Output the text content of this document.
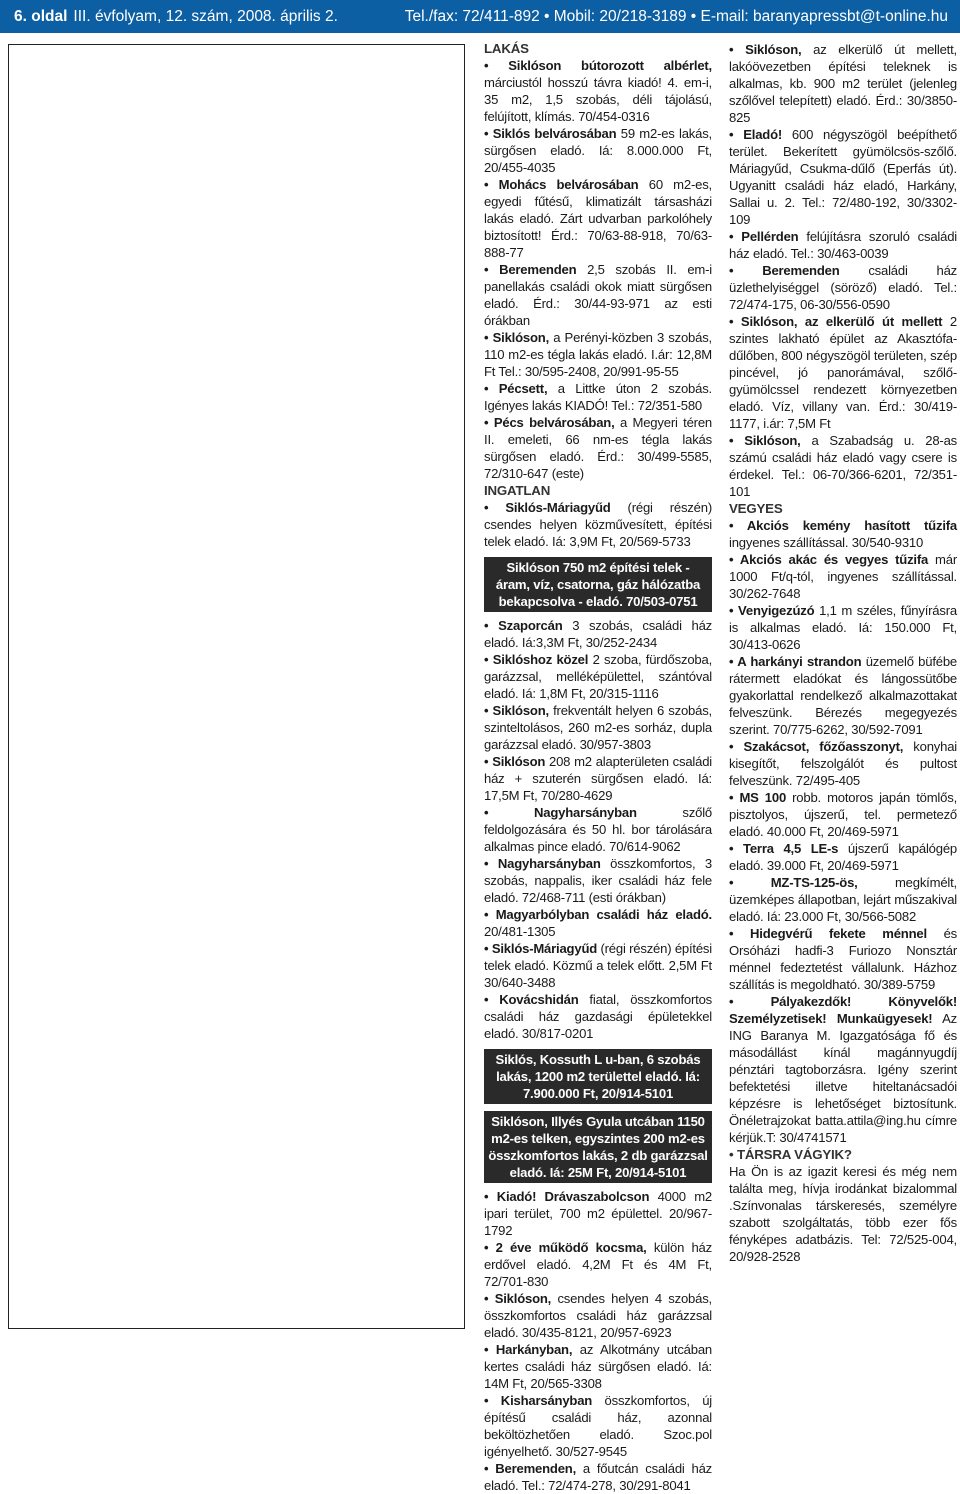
6. oldal III. évfolyam, 12. szám, 2008. április 2.	Tel./fax: 72/411-892 • Mobil: 20/218-3189 • E-mail: baranyapressbt@t-online.hu
LAKÁS
• Siklóson bútorozott albérlet, márciustól hosszú távra kiadó! 4. em-i, 35 m2, 1,5 szobás, déli tájolású, felújított, klímás. 70/454-0316
• Siklós belvárosában 59 m2-es lakás, sürgősen eladó. Iá: 8.000.000 Ft, 20/455-4035
• Mohács belvárosában 60 m2-es, egyedi fűtésű, klimatizált társasházi lakás eladó. Zárt udvarban parkolóhely biztosított! Érd.: 70/63-88-918, 70/63-888-77
• Beremenden 2,5 szobás II. em-i panellakás családi okok miatt sürgősen eladó. Érd.: 30/44-93-971 az esti órákban
• Siklóson, a Perényi-közben 3 szobás, 110 m2-es tégla lakás eladó. I.ár: 12,8M Ft Tel.: 30/595-2408, 20/991-95-55
• Pécsett, a Littke úton 2 szobás. Igényes lakás KIADÓ! Tel.: 72/351-580
• Pécs belvárosában, a Megyeri téren II. emeleti, 66 nm-es tégla lakás sürgősen eladó. Érd.: 30/499-5585, 72/310-647 (este)
INGATLAN
• Siklós-Máriagyűd (régi részén) csendes helyen közművesített, építési telek eladó. Iá: 3,9M Ft, 20/569-5733
Siklóson 750 m2 építési telek - áram, víz, csatorna, gáz hálózatba bekapcsolva - eladó. 70/503-0751
• Szaporcán 3 szobás, családi ház eladó. Iá:3,3M Ft, 30/252-2434
• Siklóshoz közel 2 szoba, fürdőszoba, garázzsal, melléképülettel, szántóval eladó. Iá: 1,8M Ft, 20/315-1116
• Siklóson, frekventált helyen 6 szobás, szinteltolásos, 260 m2-es sorház, dupla garázzsal eladó. 30/957-3803
• Siklóson 208 m2 alapterületen családi ház + szuterén sürgősen eladó. Iá: 17,5M Ft, 70/280-4629
• Nagyharsányban szőlő feldolgozására és 50 hl. bor tárolására alkalmas pince eladó. 70/614-9062
• Nagyharsányban összkomfortos, 3 szobás, nappalis, iker családi ház fele eladó. 72/468-711 (esti órákban)
• Magyarbólyban családi ház eladó. 20/481-1305
• Siklós-Máriagyűd (régi részén) építési telek eladó. Közmű a telek előtt. 2,5M Ft 30/640-3488
• Kovácshidán fiatal, összkomfortos családi ház gazdasági épületekkel eladó. 30/817-0201
Siklós, Kossuth L u-ban, 6 szobás lakás, 1200 m2 területtel eladó. Iá: 7.900.000 Ft, 20/914-5101
Siklóson, Illyés Gyula utcában 1150 m2-es telken, egyszintes 200 m2-es összkomfortos lakás, 2 db garázzsal eladó. Iá: 25M Ft, 20/914-5101
• Kiadó! Drávaszabolcson 4000 m2 ipari terület, 700 m2 épülettel. 20/967-1792
• 2 éve működő kocsma, külön ház erdővel eladó. 4,2M Ft és 4M Ft, 72/701-830
• Siklóson, csendes helyen 4 szobás, összkomfortos családi ház garázzsal eladó. 30/435-8121, 20/957-6923
• Harkányban, az Alkotmány utcában kertes családi ház sürgősen eladó. Iá: 14M Ft, 20/565-3308
• Kisharsányban összkomfortos, új építésű családi ház, azonnal beköltözhetően eladó. Szoc.pol igényelhető. 30/527-9545
• Beremenden, a főutcán családi ház eladó. Tel.: 72/474-278, 30/291-8041
• Siklóson, az elkerülő út mellett, lakóövezetben építési teleknek is alkalmas, kb. 900 m2 terület (jelenleg szőlővel telepített) eladó. Érd.: 30/3850-825
• Eladó! 600 négyszögöl beépíthető terület. Bekerített gyümölcsös-szőlő. Máriagyűd, Csukma-dűlő (Eperfás út). Ugyanitt családi ház eladó, Harkány, Sallai u. 2. Tel.: 72/480-192, 30/3302-109
• Pellérden felújításra szoruló családi ház eladó. Tel.: 30/463-0039
• Beremenden családi ház üzlethelyiséggel (söröző) eladó. Tel.: 72/474-175, 06-30/556-0590
• Siklóson, az elkerülő út mellett 2 szintes lakható épület az Akasztófa-dűlőben, 800 négyszögöl területen, szép pincével, jó panorámával, szőlő-gyümölcssel rendezett környezetben eladó. Víz, villany van. Érd.: 30/419-1177, i.ár: 7,5M Ft
• Siklóson, a Szabadság u. 28-as számú családi ház eladó vagy csere is érdekel. Tel.: 06-70/366-6201, 72/351-101
VEGYES
• Akciós kemény hasított tűzifa ingyenes szállítással. 30/540-9310
• Akciós akác és vegyes tűzifa már 1000 Ft/q-tól, ingyenes szállítással. 30/262-7648
• Venyigezúzó 1,1 m széles, fűnyírásra is alkalmas eladó. Iá: 150.000 Ft, 30/413-0626
• A harkányi strandon üzemelő büfébe rátermett eladókat és lángossütőbe gyakorlattal rendelkező alkalmazottakat felveszünk. Bérezés megegyezés szerint. 70/775-6262, 30/592-7091
• Szakácsot, főzőasszonyt, konyhai kisegítőt, felszolgálót és pultost felveszünk. 72/495-405
• MS 100 robb. motoros japán tömlős, pisztolyos, újszerű, tel. permetező eladó. 40.000 Ft, 20/469-5971
• Terra 4,5 LE-s újszerű kapálógép eladó. 39.000 Ft, 20/469-5971
• MZ-TS-125-ös, megkímélt, üzemképes állapotban, lejárt műszakival eladó. Iá: 23.000 Ft, 30/566-5082
• Hidegvérű fekete ménnel és Orsóházi hadfi-3 Furiozo Nonsztár ménnel fedeztetést vállalunk. Házhoz szállítás is megoldható. 30/389-5759
• Pályakezdők! Könyvelők! Személyzetisek! Munkaügyesek! Az ING Baranya M. Igazgatósága fő és másodállást kínál magánnyugdíj pénztári tagtoborzásra. Igény szerint befektetési illetve hiteltanácsadói képzésre is lehetőséget biztosítunk. Önéletrajzokat batta.attila@ing.hu címre kérjük.T: 30/4741571
• TÁRSRA VÁGYIK?
Ha Ön is az igazit keresi és még nem találta meg, hívja irodánkat bizalommal .Színvonalas társkeresés, személyre szabott szolgáltatás, több ezer fős fényképes adatbázis. Tel: 72/525-004, 20/928-2528
